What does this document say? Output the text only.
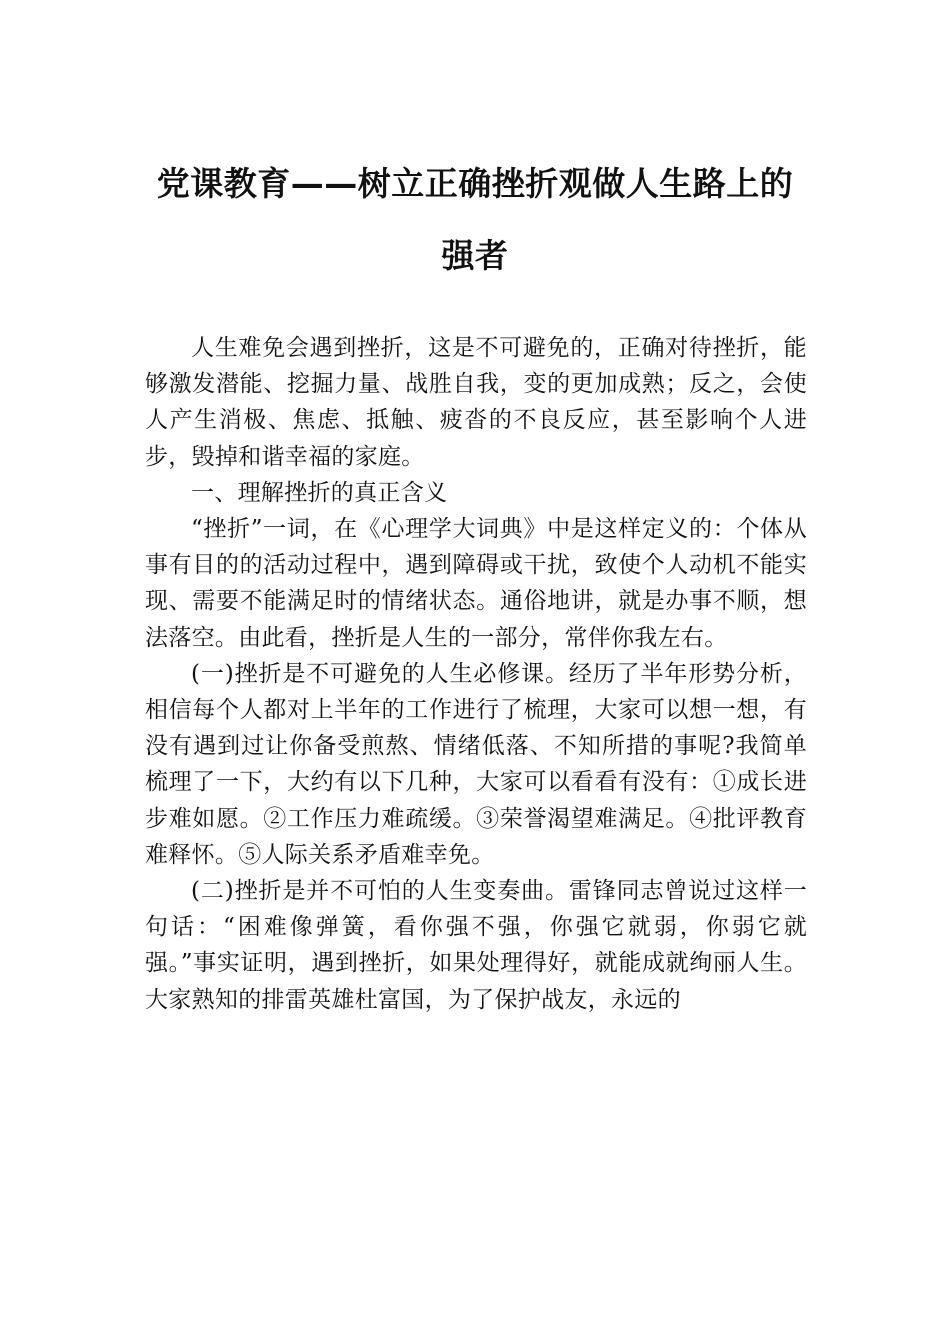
党课教育——树立正确挫折观做人生路上的强者

人生难免会遇到挫折，这是不可避免的，正确对待挫折，能够激发潜能、挖掘力量、战胜自我，变的更加成熟；反之，会使人产生消极、焦虑、抵触、疲沓的不良反应，甚至影响个人进步，毁掉和谐幸福的家庭。

一、理解挫折的真正含义

“挫折”一词，在《心理学大词典》中是这样定义的：个体从事有目的的活动过程中，遇到障碍或干扰，致使个人动机不能实现、需要不能满足时的情绪状态。通俗地讲，就是办事不顺，想法落空。由此看，挫折是人生的一部分，常伴你我左右。

(一)挫折是不可避免的人生必修课。经历了半年形势分析，相信每个人都对上半年的工作进行了梳理，大家可以想一想，有没有遇到过让你备受煎熬、情绪低落、不知所措的事呢?我简单梳理了一下，大约有以下几种，大家可以看看有没有：①成长进步难如愿。②工作压力难疏缓。③荣誉渴望难满足。④批评教育难释怀。⑤人际关系矛盾难幸免。

(二)挫折是并不可怕的人生变奏曲。雷锋同志曾说过这样一句话：“困难像弹簧，看你强不强，你强它就弱，你弱它就强。”事实证明，遇到挫折，如果处理得好，就能成就绚丽人生。大家熟知的排雷英雄杜富国，为了保护战友，永远的
